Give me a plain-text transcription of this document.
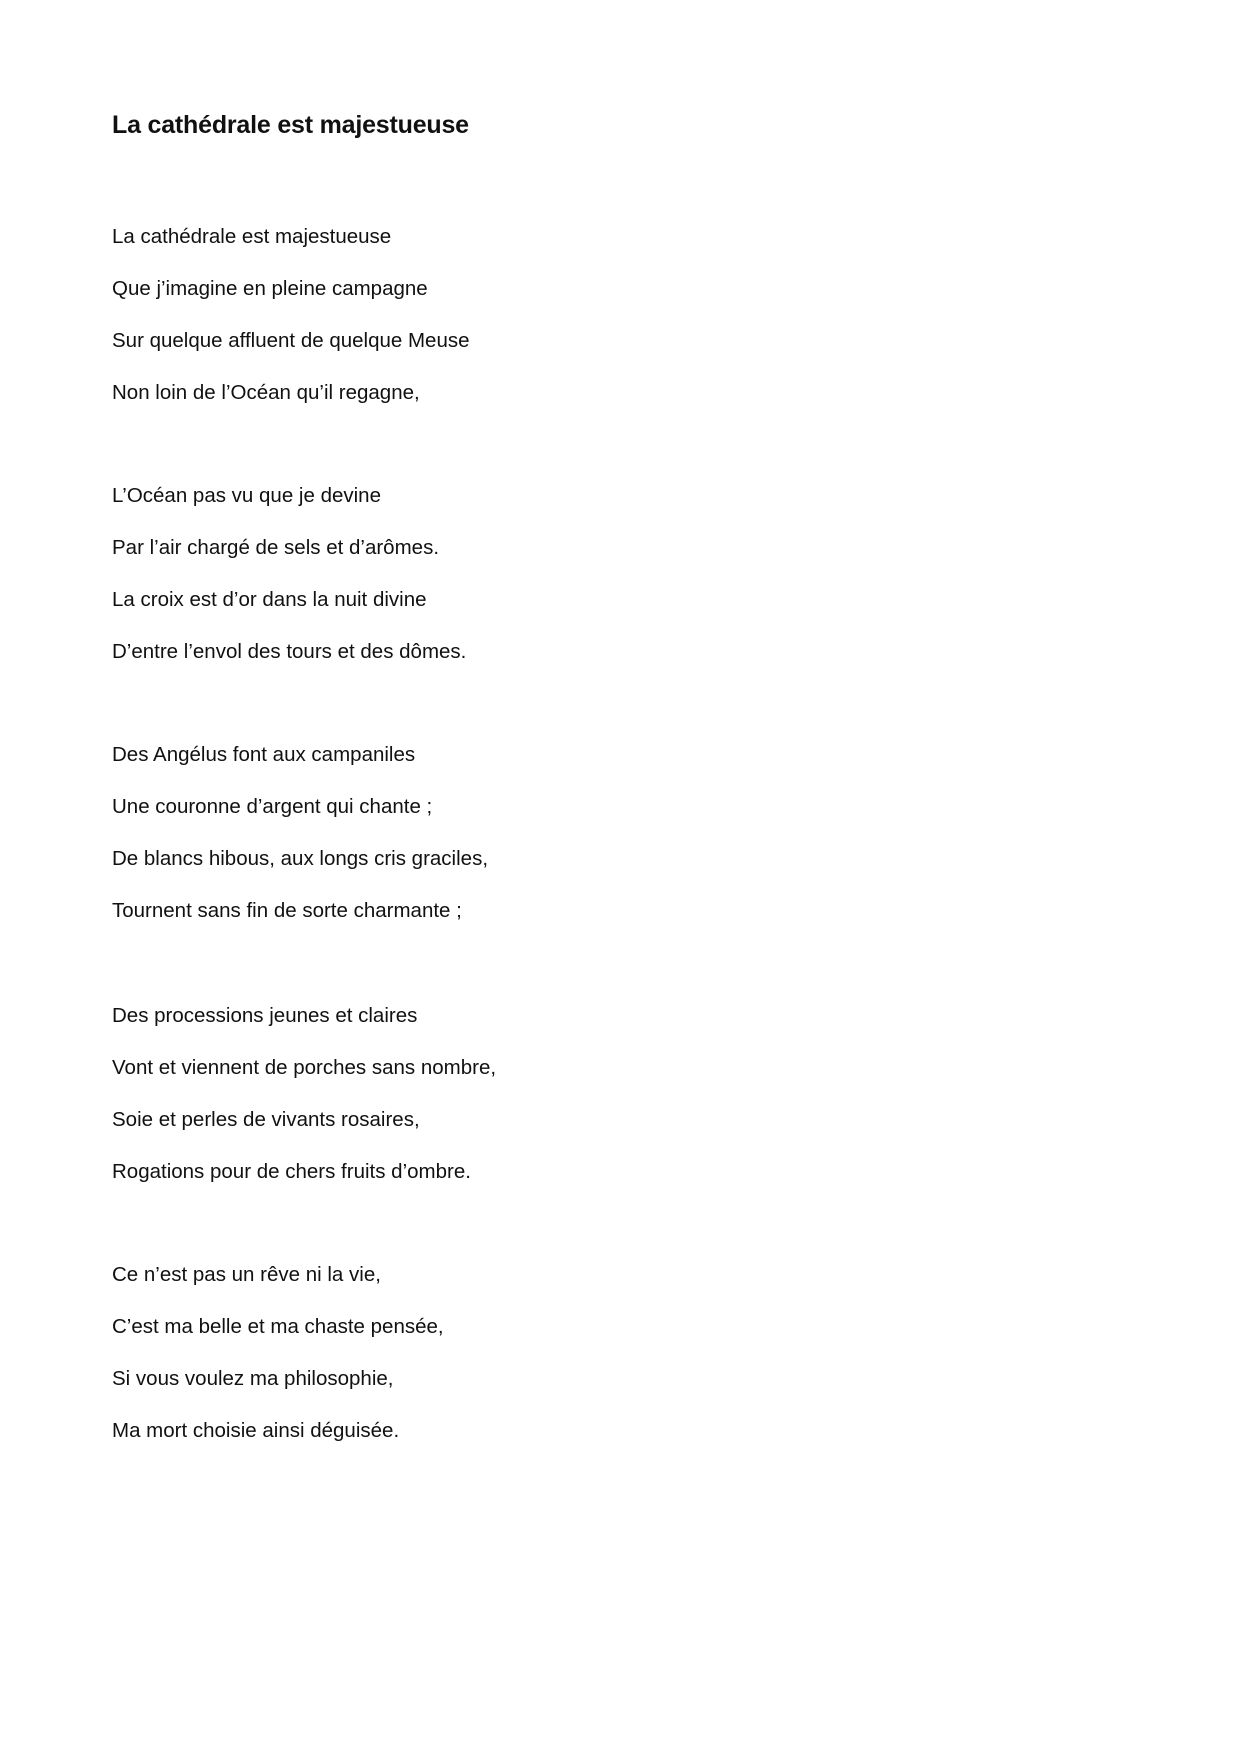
La cathédrale est majestueuse
La cathédrale est majestueuse
Que j’imagine en pleine campagne
Sur quelque affluent de quelque Meuse
Non loin de l’Océan qu’il regagne,
L’Océan pas vu que je devine
Par l’air chargé de sels et d’arômes.
La croix est d’or dans la nuit divine
D’entre l’envol des tours et des dômes.
Des Angélus font aux campaniles
Une couronne d’argent qui chante ;
De blancs hibous, aux longs cris graciles,
Tournent sans fin de sorte charmante ;
Des processions jeunes et claires
Vont et viennent de porches sans nombre,
Soie et perles de vivants rosaires,
Rogations pour de chers fruits d’ombre.
Ce n’est pas un rêve ni la vie,
C’est ma belle et ma chaste pensée,
Si vous voulez ma philosophie,
Ma mort choisie ainsi déguisée.
